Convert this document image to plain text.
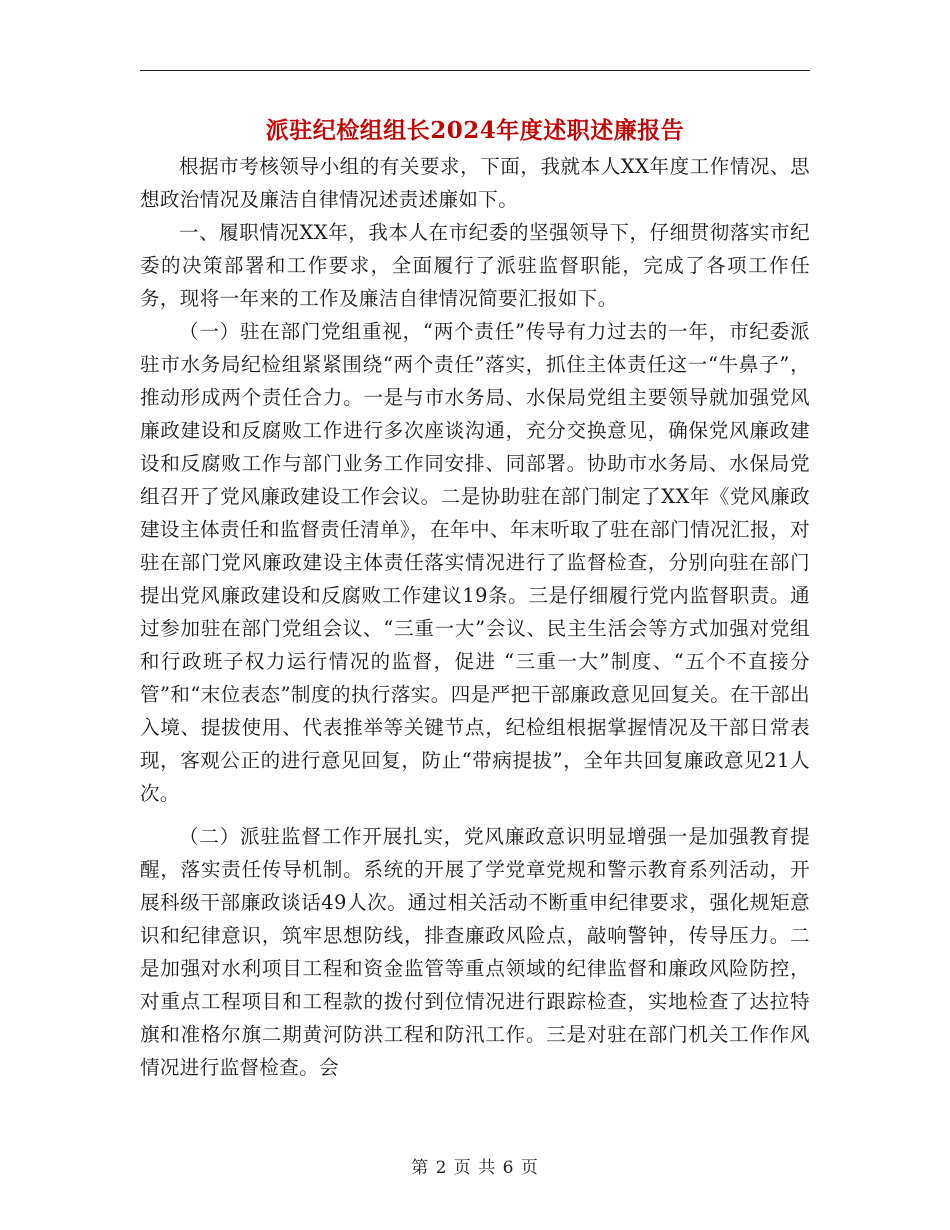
派驻纪检组组长2024年度述职述廉报告

根据市考核领导小组的有关要求，下面，我就本人XX年度工作情况、思想政治情况及廉洁自律情况述责述廉如下。

一、履职情况XX年，我本人在市纪委的坚强领导下，仔细贯彻落实市纪委的决策部署和工作要求，全面履行了派驻监督职能，完成了各项工作任务，现将一年来的工作及廉洁自律情况简要汇报如下。

（一）驻在部门党组重视，“两个责任”传导有力过去的一年，市纪委派驻市水务局纪检组紧紧围绕“两个责任”落实，抓住主体责任这一“牛鼻子”，推动形成两个责任合力。一是与市水务局、水保局党组主要领导就加强党风廉政建设和反腐败工作进行多次座谈沟通，充分交换意见，确保党风廉政建设和反腐败工作与部门业务工作同安排、同部署。协助市水务局、水保局党组召开了党风廉政建设工作会议。二是协助驻在部门制定了XX年《党风廉政建设主体责任和监督责任清单》，在年中、年末听取了驻在部门情况汇报，对驻在部门党风廉政建设主体责任落实情况进行了监督检查，分别向驻在部门提出党风廉政建设和反腐败工作建议19条。三是仔细履行党内监督职责。通过参加驻在部门党组会议、“三重一大”会议、民主生活会等方式加强对党组和行政班子权力运行情况的监督，促进 “三重一大”制度、“五个不直接分管”和“末位表态”制度的执行落实。四是严把干部廉政意见回复关。在干部出入境、提拔使用、代表推举等关键节点，纪检组根据掌握情况及干部日常表现，客观公正的进行意见回复，防止“带病提拔”，全年共回复廉政意见21人次。

（二）派驻监督工作开展扎实，党风廉政意识明显增强一是加强教育提醒，落实责任传导机制。系统的开展了学党章党规和警示教育系列活动，开展科级干部廉政谈话49人次。通过相关活动不断重申纪律要求，强化规矩意识和纪律意识，筑牢思想防线，排查廉政风险点，敲响警钟，传导压力。二是加强对水利项目工程和资金监管等重点领域的纪律监督和廉政风险防控，对重点工程项目和工程款的拨付到位情况进行跟踪检查，实地检查了达拉特旗和准格尔旗二期黄河防洪工程和防汛工作。三是对驻在部门机关工作作风情况进行监督检查。会

第 2 页 共 6 页
